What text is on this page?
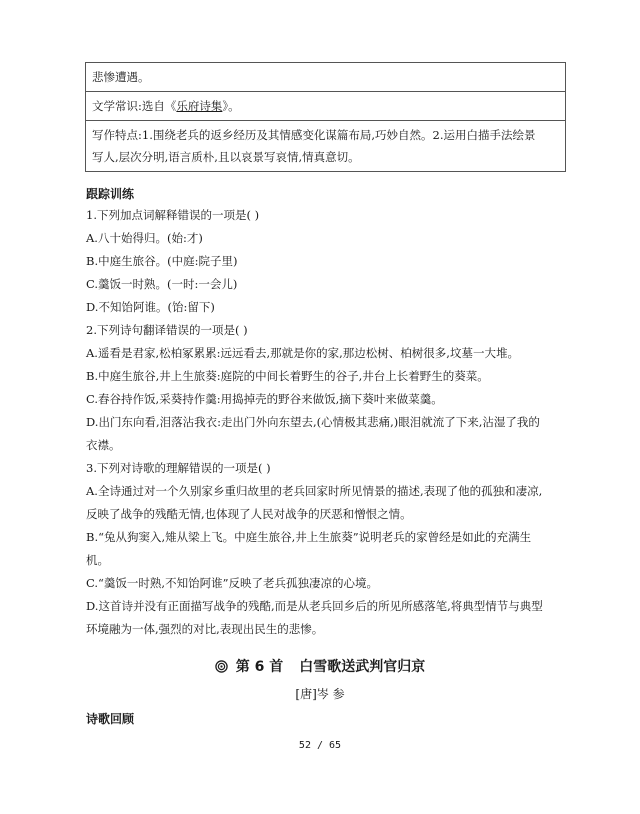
悲惨遭遇。
文学常识:选自《乐府诗集》。

写作特点:1.围绕老兵的返乡经历及其情感变化谋篇布局,巧妙自然。2.运用白描手法绘景
写人,层次分明,语言质朴,且以哀景写哀情,情真意切。
跟踪训练
1.下列加点词解释错误的一项是( )
A.八十始得归。(始:才)
B.中庭生旅谷。(中庭:院子里)
C.羹饭一时熟。(一时:一会儿)
D.不知饴阿谁。(饴:留下)
2.下列诗句翻译错误的一项是( )
A.遥看是君家,松柏冢累累:远远看去,那就是你的家,那边松树、柏树很多,坟墓一大堆。
B.中庭生旅谷,井上生旅葵:庭院的中间长着野生的谷子,井台上长着野生的葵菜。
C.舂谷持作饭,采葵持作羹:用捣掉壳的野谷来做饭,摘下葵叶来做菜羹。
D.出门东向看,泪落沾我衣:走出门外向东望去,(心情极其悲痛,)眼泪就流了下来,沾湿了我的
衣襟。
3.下列对诗歌的理解错误的一项是( )
A.全诗通过对一个久别家乡重归故里的老兵回家时所见情景的描述,表现了他的孤独和凄凉,
反映了战争的残酷无情,也体现了人民对战争的厌恶和憎恨之情。
B.“兔从狗窦入,雉从梁上飞。中庭生旅谷,井上生旅葵”说明老兵的家曾经是如此的充满生
机。
C.“羹饭一时熟,不知饴阿谁”反映了老兵孤独凄凉的心境。
D.这首诗并没有正面描写战争的残酷,而是从老兵回乡后的所见所感落笔,将典型情节与典型
环境融为一体,强烈的对比,表现出民生的悲惨。
第 6 首 白雪歌送武判官归京
[唐]岑 参
诗歌回顾
52 / 65
